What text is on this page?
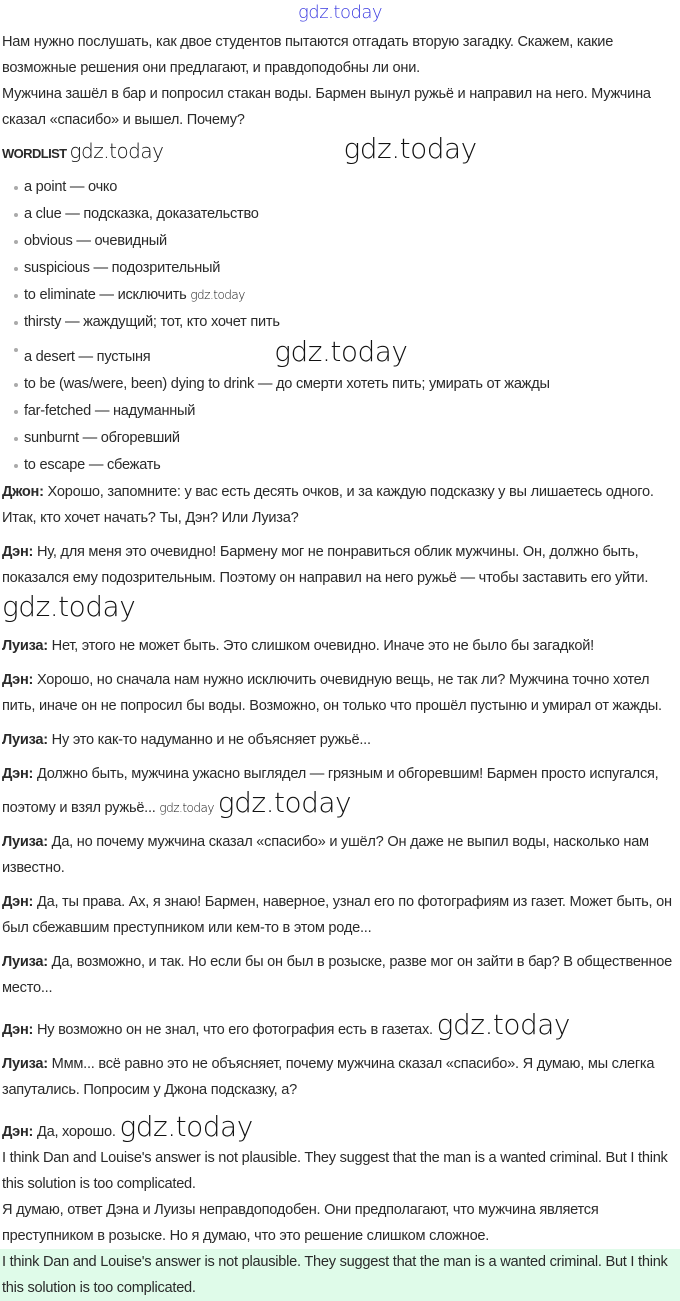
gdz.today

Нам нужно послушать, как двое студентов пытаются отгадать вторую загадку. Скажем, какие возможные решения они предлагают, и правдоподобны ли они.

Мужчина зашёл в бар и попросил стакан воды. Бармен вынул ружьё и направил на него. Мужчина сказал «спасибо» и вышел. Почему?

WORDLIST gdz.today	gdz.today
a point — очко
a clue — подсказка, доказательство
obvious — очевидный
suspicious — подозрительный
to eliminate — исключить gdz.today
thirsty — жаждущий; тот, кто хочет пить
a desert — пустыня	gdz.today
to be (was/were, been) dying to drink — до смерти хотеть пить; умирать от жажды
far-fetched — надуманный
sunburnt — обгоревший
to escape — сбежать

Джон: Хорошо, запомните: у вас есть десять очков, и за каждую подсказку у вы лишаетесь одного. Итак, кто хочет начать? Ты, Дэн? Или Луиза?

Дэн: Ну, для меня это очевидно! Бармену мог не понравиться облик мужчины. Он, должно быть, показался ему подозрительным. Поэтому он направил на него ружьё — чтобы заставить его уйти. gdz.today

Луиза: Нет, этого не может быть. Это слишком очевидно. Иначе это не было бы загадкой!

Дэн: Хорошо, но сначала нам нужно исключить очевидную вещь, не так ли? Мужчина точно хотел пить, иначе он не попросил бы воды. Возможно, он только что прошёл пустыню и умирал от жажды.

Луиза: Ну это как-то надуманно и не объясняет ружьё...

Дэн: Должно быть, мужчина ужасно выглядел — грязным и обгоревшим! Бармен просто испугался, поэтому и взял ружьё... gdz.today gdz.today

Луиза: Да, но почему мужчина сказал «спасибо» и ушёл? Он даже не выпил воды, насколько нам известно.

Дэн: Да, ты права. Ах, я знаю! Бармен, наверное, узнал его по фотографиям из газет. Может быть, он был сбежавшим преступником или кем-то в этом роде...

Луиза: Да, возможно, и так. Но если бы он был в розыске, разве мог он зайти в бар? В общественное место...

Дэн: Ну возможно он не знал, что его фотография есть в газетах. gdz.today

Луиза: Ммм... всё равно это не объясняет, почему мужчина сказал «спасибо». Я думаю, мы слегка запутались. Попросим у Джона подсказку, а?

Дэн: Да, хорошо. gdz.today

I think Dan and Louise's answer is not plausible. They suggest that the man is a wanted criminal. But I think this solution is too complicated.

Я думаю, ответ Дэна и Луизы неправдоподобен. Они предполагают, что мужчина является преступником в розыске. Но я думаю, что это решение слишком сложное.

I think Dan and Louise's answer is not plausible. They suggest that the man is a wanted criminal. But I think this solution is too complicated.
